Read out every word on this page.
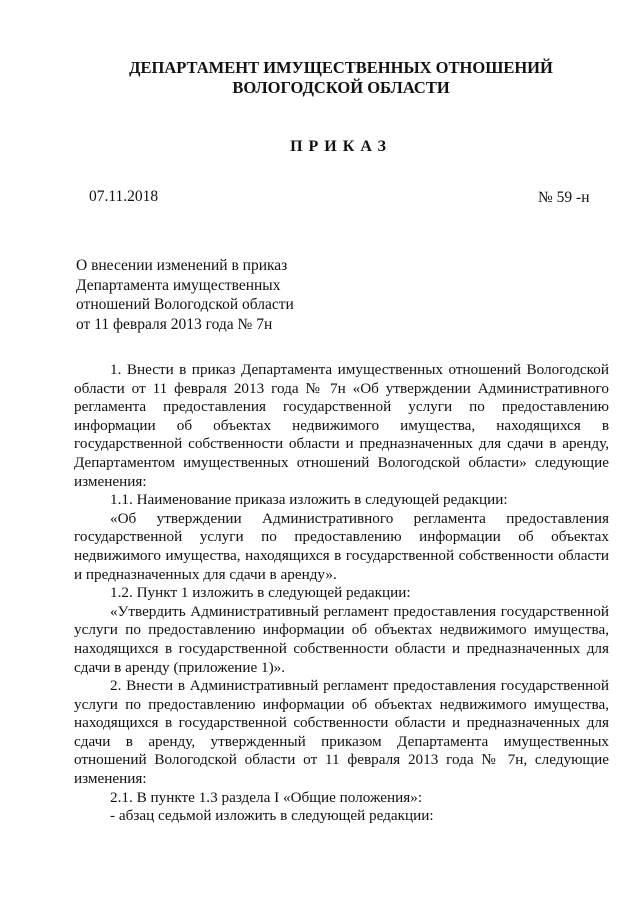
ДЕПАРТАМЕНТ ИМУЩЕСТВЕННЫХ ОТНОШЕНИЙ
ВОЛОГОДСКОЙ ОБЛАСТИ
ПРИКАЗ
07.11.2018	№ 59 -н
О внесении изменений в приказ
Департамента имущественных
отношений Вологодской области
от 11 февраля 2013 года № 7н

1. Внести в приказ Департамента имущественных отношений Вологодской области от 11 февраля 2013 года № 7н «Об утверждении Административного регламента предоставления государственной услуги по предоставлению информации об объектах недвижимого имущества, находящихся в государственной собственности области и предназначенных для сдачи в аренду, Департаментом имущественных отношений Вологодской области» следующие изменения:

1.1. Наименование приказа изложить в следующей редакции:

«Об утверждении Административного регламента предоставления государственной услуги по предоставлению информации об объектах недвижимого имущества, находящихся в государственной собственности области и предназначенных для сдачи в аренду».

1.2. Пункт 1 изложить в следующей редакции:

«Утвердить Административный регламент предоставления государственной услуги по предоставлению информации об объектах недвижимого имущества, находящихся в государственной собственности области и предназначенных для сдачи в аренду (приложение 1)».

2. Внести в Административный регламент предоставления государственной услуги по предоставлению информации об объектах недвижимого имущества, находящихся в государственной собственности области и предназначенных для сдачи в аренду, утвержденный приказом Департамента имущественных отношений Вологодской области от 11 февраля 2013 года № 7н, следующие изменения:

2.1. В пункте 1.3 раздела I «Общие положения»:

- абзац седьмой изложить в следующей редакции:
